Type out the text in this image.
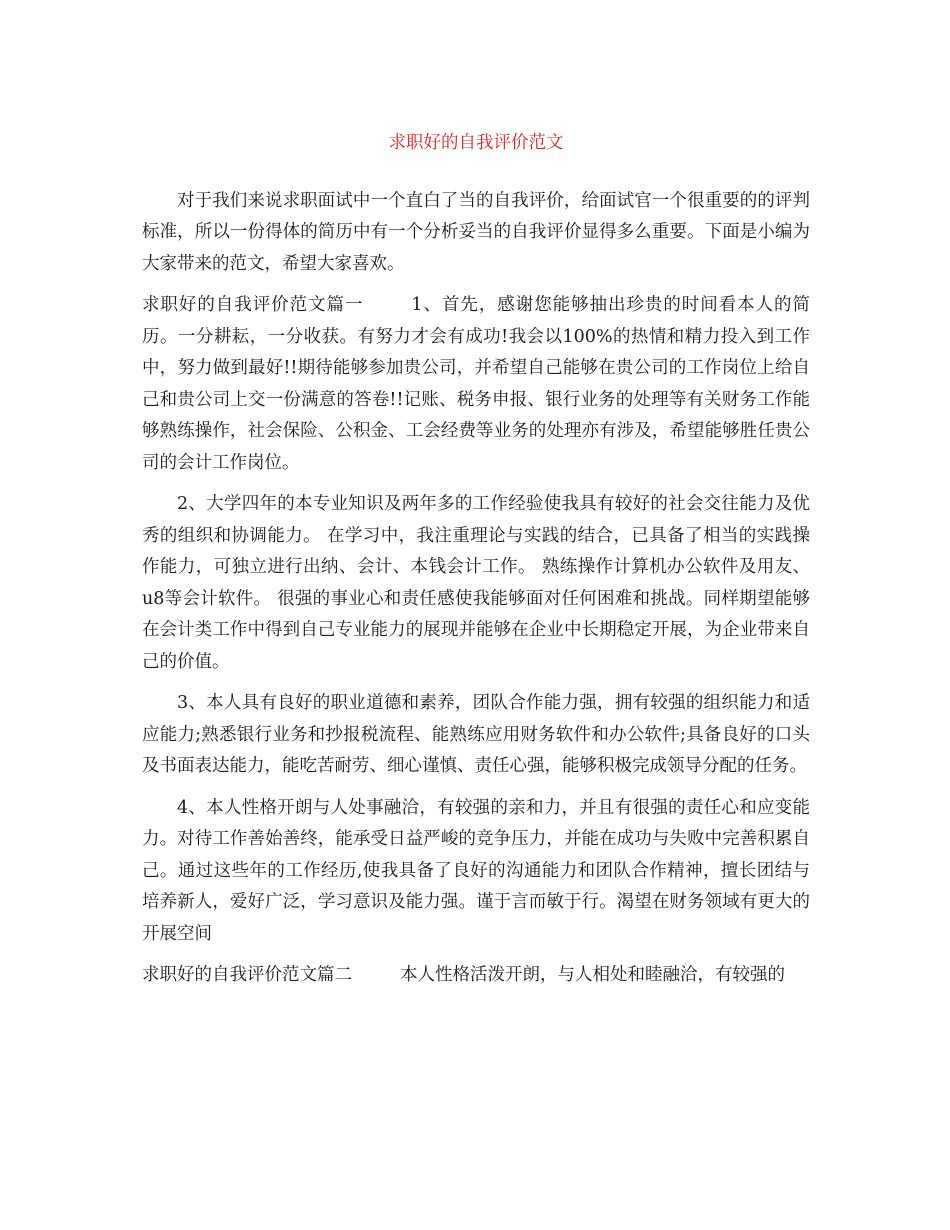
求职好的自我评价范文

对于我们来说求职面试中一个直白了当的自我评价，给面试官一个很重要的的评判标准，所以一份得体的简历中有一个分析妥当的自我评价显得多么重要。下面是小编为大家带来的范文，希望大家喜欢。

求职好的自我评价范文篇一	1、首先，感谢您能够抽出珍贵的时间看本人的简历。一分耕耘，一分收获。有努力才会有成功!我会以100%的热情和精力投入到工作中，努力做到最好!!期待能够参加贵公司，并希望自己能够在贵公司的工作岗位上给自己和贵公司上交一份满意的答卷!!记账、税务申报、银行业务的处理等有关财务工作能够熟练操作，社会保险、公积金、工会经费等业务的处理亦有涉及，希望能够胜任贵公司的会计工作岗位。

2、大学四年的本专业知识及两年多的工作经验使我具有较好的社会交往能力及优秀的组织和协调能力。 在学习中，我注重理论与实践的结合，已具备了相当的实践操作能力，可独立进行出纳、会计、本钱会计工作。 熟练操作计算机办公软件及用友、u8等会计软件。 很强的事业心和责任感使我能够面对任何困难和挑战。同样期望能够在会计类工作中得到自己专业能力的展现并能够在企业中长期稳定开展，为企业带来自己的价值。

3、本人具有良好的职业道德和素养，团队合作能力强，拥有较强的组织能力和适应能力;熟悉银行业务和抄报税流程、能熟练应用财务软件和办公软件;具备良好的口头及书面表达能力，能吃苦耐劳、细心谨慎、责任心强，能够积极完成领导分配的任务。

4、本人性格开朗与人处事融洽，有较强的亲和力，并且有很强的责任心和应变能力。对待工作善始善终，能承受日益严峻的竞争压力，并能在成功与失败中完善积累自己。通过这些年的工作经历,使我具备了良好的沟通能力和团队合作精神，擅长团结与培养新人，爱好广泛，学习意识及能力强。谨于言而敏于行。渴望在财务领域有更大的开展空间

求职好的自我评价范文篇二	本人性格活泼开朗，与人相处和睦融洽，有较强的
